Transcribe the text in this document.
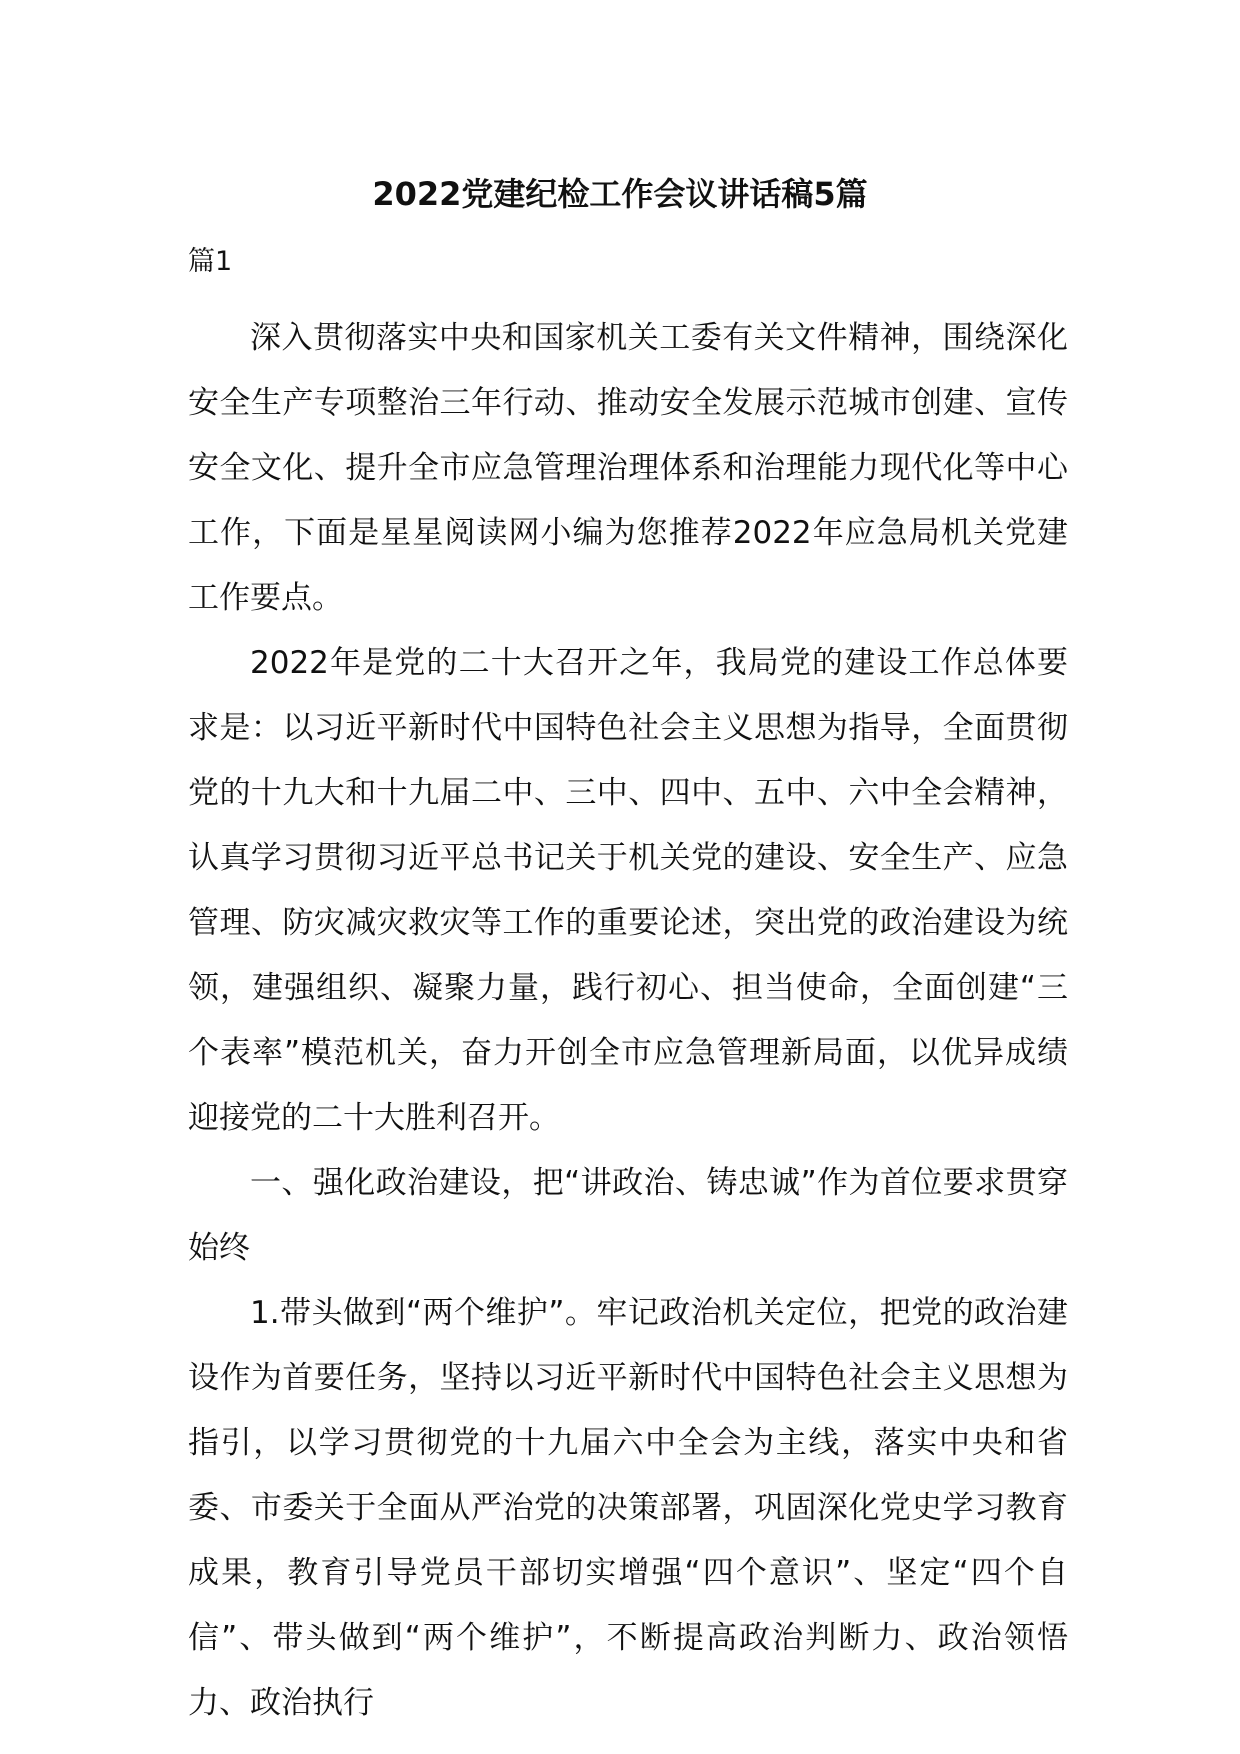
2022党建纪检工作会议讲话稿5篇
篇1

深入贯彻落实中央和国家机关工委有关文件精神，围绕深化安全生产专项整治三年行动、推动安全发展示范城市创建、宣传安全文化、提升全市应急管理治理体系和治理能力现代化等中心工作，下面是星星阅读网小编为您推荐2022年应急局机关党建工作要点。

2022年是党的二十大召开之年，我局党的建设工作总体要求是：以习近平新时代中国特色社会主义思想为指导，全面贯彻党的十九大和十九届二中、三中、四中、五中、六中全会精神，认真学习贯彻习近平总书记关于机关党的建设、安全生产、应急管理、防灾减灾救灾等工作的重要论述，突出党的政治建设为统领，建强组织、凝聚力量，践行初心、担当使命，全面创建“三个表率”模范机关，奋力开创全市应急管理新局面，以优异成绩迎接党的二十大胜利召开。

一、强化政治建设，把“讲政治、铸忠诚”作为首位要求贯穿始终

1.带头做到“两个维护”。牢记政治机关定位，把党的政治建设作为首要任务，坚持以习近平新时代中国特色社会主义思想为指引，以学习贯彻党的十九届六中全会为主线，落实中央和省委、市委关于全面从严治党的决策部署，巩固深化党史学习教育成果，教育引导党员干部切实增强“四个意识”、坚定“四个自信”、带头做到“两个维护”，不断提高政治判断力、政治领悟力、政治执行
